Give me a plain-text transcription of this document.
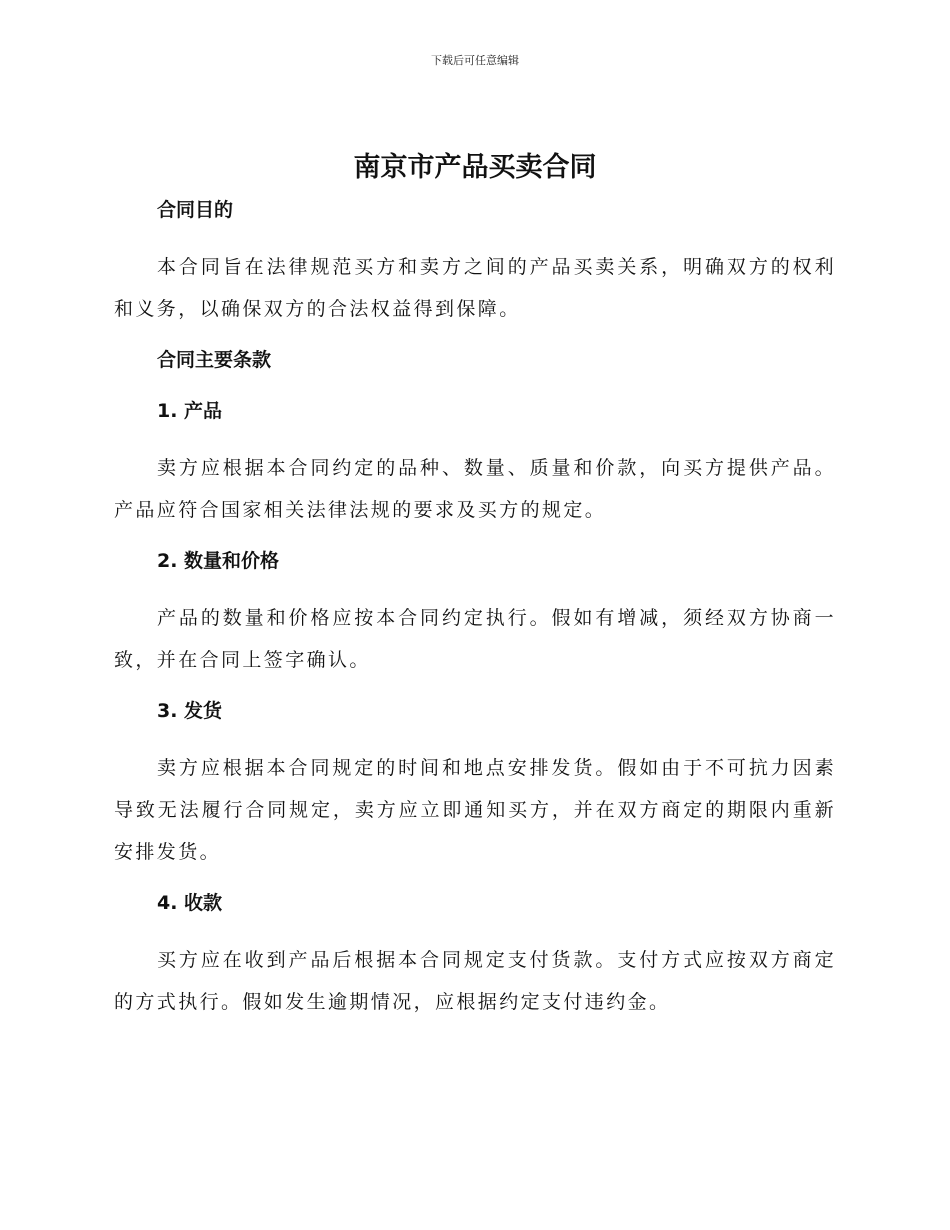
下载后可任意编辑
南京市产品买卖合同
合同目的

本合同旨在法律规范买方和卖方之间的产品买卖关系，明确双方的权利和义务，以确保双方的合法权益得到保障。

合同主要条款
1. 产品

卖方应根据本合同约定的品种、数量、质量和价款，向买方提供产品。产品应符合国家相关法律法规的要求及买方的规定。

2. 数量和价格

产品的数量和价格应按本合同约定执行。假如有增减，须经双方协商一致，并在合同上签字确认。

3. 发货

卖方应根据本合同规定的时间和地点安排发货。假如由于不可抗力因素导致无法履行合同规定，卖方应立即通知买方，并在双方商定的期限内重新安排发货。

4. 收款

买方应在收到产品后根据本合同规定支付货款。支付方式应按双方商定的方式执行。假如发生逾期情况，应根据约定支付违约金。
